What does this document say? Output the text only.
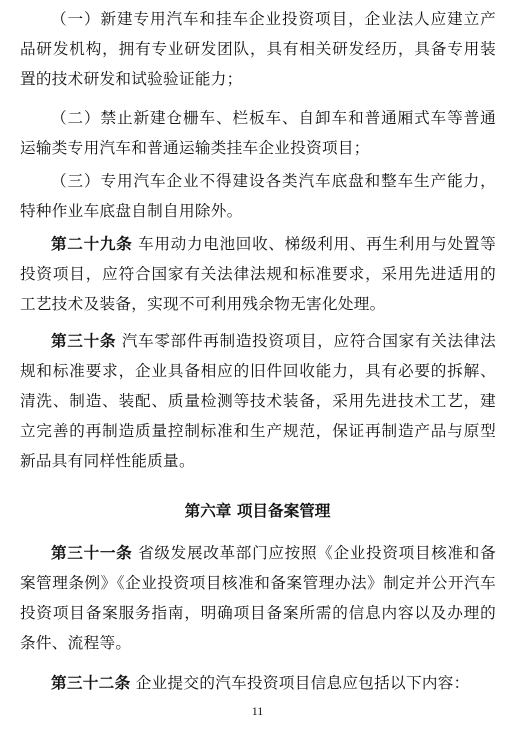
（一）新建专用汽车和挂车企业投资项目，企业法人应建立产品研发机构，拥有专业研发团队，具有相关研发经历，具备专用装置的技术研发和试验验证能力；

（二）禁止新建仓栅车、栏板车、自卸车和普通厢式车等普通运输类专用汽车和普通运输类挂车企业投资项目；

（三）专用汽车企业不得建设各类汽车底盘和整车生产能力，特种作业车底盘自制自用除外。

第二十九条 车用动力电池回收、梯级利用、再生利用与处置等投资项目，应符合国家有关法律法规和标准要求，采用先进适用的工艺技术及装备，实现不可利用残余物无害化处理。

第三十条 汽车零部件再制造投资项目，应符合国家有关法律法规和标准要求，企业具备相应的旧件回收能力，具有必要的拆解、清洗、制造、装配、质量检测等技术装备，采用先进技术工艺，建立完善的再制造质量控制标准和生产规范，保证再制造产品与原型新品具有同样性能质量。

第六章 项目备案管理

第三十一条 省级发展改革部门应按照《企业投资项目核准和备案管理条例》《企业投资项目核准和备案管理办法》制定并公开汽车投资项目备案服务指南，明确项目备案所需的信息内容以及办理的条件、流程等。

第三十二条 企业提交的汽车投资项目信息应包括以下内容：

11
